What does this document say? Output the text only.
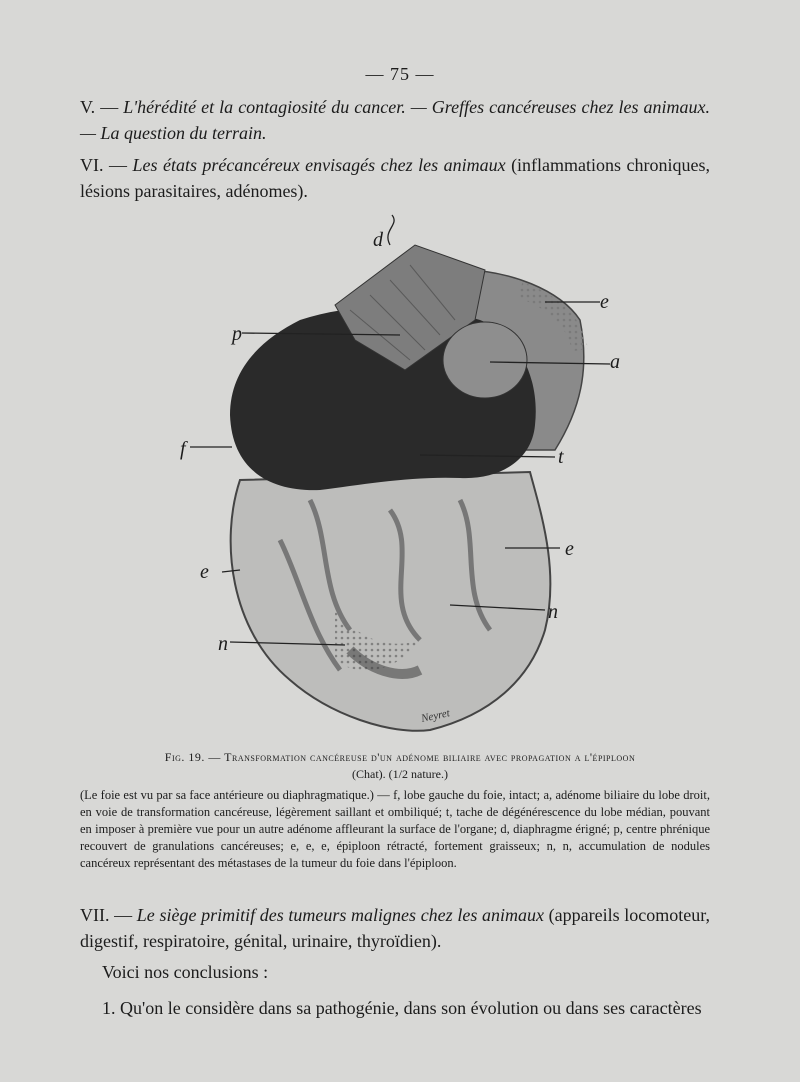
— 75 —
V. — L'hérédité et la contagiosité du cancer. — Greffes cancéreuses chez les animaux. — La question du terrain.
VI. — Les états précancéreux envisagés chez les animaux (inflammations chroniques, lésions parasitaires, adénomes).
d
e
p
a
f	t
e
e
n
n
Neyret
Fig. 19. — Transformation cancéreuse d'un adénome biliaire avec propagation a l'épiploon
(Chat). (1/2 nature.)
(Le foie est vu par sa face antérieure ou diaphragmatique.) — f, lobe gauche du foie, intact; a, adénome biliaire du lobe droit, en voie de transformation cancéreuse, légèrement saillant et ombiliqué; t, tache de dégénérescence du lobe médian, pouvant en imposer à première vue pour un autre adénome affleurant la surface de l'organe; d, diaphragme érigné; p, centre phrénique recouvert de granulations cancéreuses; e, e, e, épiploon rétracté, fortement graisseux; n, n, accumulation de nodules cancéreux représentant des métastases de la tumeur du foie dans l'épiploon.
VII. — Le siège primitif des tumeurs malignes chez les animaux (appareils locomoteur, digestif, respiratoire, génital, urinaire, thyroïdien).
Voici nos conclusions :
1. Qu'on le considère dans sa pathogénie, dans son évolution ou dans ses caractères
